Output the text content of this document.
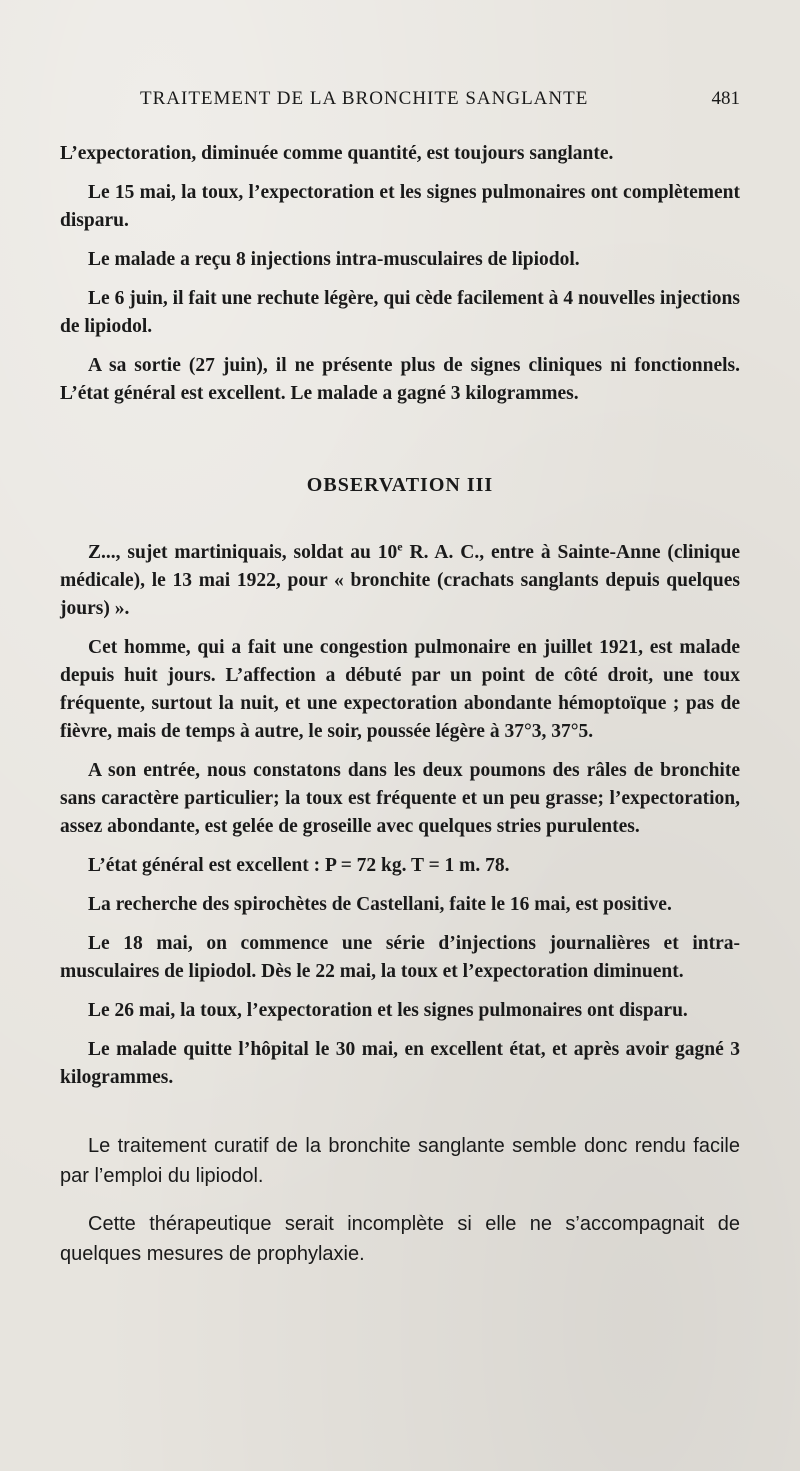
TRAITEMENT DE LA BRONCHITE SANGLANTE	481

L’expectoration, diminuée comme quantité, est toujours sanglante.

Le 15 mai, la toux, l’expectoration et les signes pulmonaires ont complètement disparu.

Le malade a reçu 8 injections intra-musculaires de lipiodol.

Le 6 juin, il fait une rechute légère, qui cède facilement à 4 nouvelles injections de lipiodol.

A sa sortie (27 juin), il ne présente plus de signes cliniques ni fonctionnels. L’état général est excellent. Le malade a gagné 3 kilogrammes.

OBSERVATION III

Z..., sujet martiniquais, soldat au 10e R. A. C., entre à Sainte-Anne (clinique médicale), le 13 mai 1922, pour « bronchite (crachats sanglants depuis quelques jours) ».

Cet homme, qui a fait une congestion pulmonaire en juillet 1921, est malade depuis huit jours. L’affection a débuté par un point de côté droit, une toux fréquente, surtout la nuit, et une expectoration abondante hémoptoïque ; pas de fièvre, mais de temps à autre, le soir, poussée légère à 37°3, 37°5.

A son entrée, nous constatons dans les deux poumons des râles de bronchite sans caractère particulier; la toux est fréquente et un peu grasse; l’expectoration, assez abondante, est gelée de groseille avec quelques stries purulentes.

L’état général est excellent : P = 72 kg. T = 1 m. 78.

La recherche des spirochètes de Castellani, faite le 16 mai, est positive.

Le 18 mai, on commence une série d’injections journalières et intra-musculaires de lipiodol. Dès le 22 mai, la toux et l’expectoration diminuent.

Le 26 mai, la toux, l’expectoration et les signes pulmonaires ont disparu.

Le malade quitte l’hôpital le 30 mai, en excellent état, et après avoir gagné 3 kilogrammes.

Le traitement curatif de la bronchite sanglante semble donc rendu facile par l’emploi du lipiodol.

Cette thérapeutique serait incomplète si elle ne s’accompagnait de quelques mesures de prophylaxie.
